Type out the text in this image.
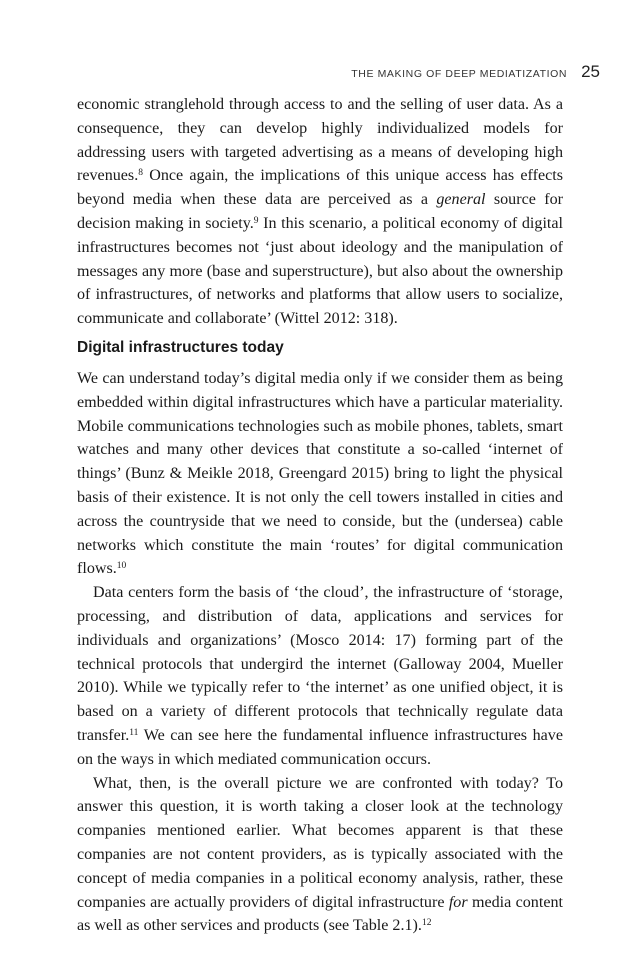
THE MAKING OF DEEP MEDIATIZATION 25

economic stranglehold through access to and the selling of user data. As a consequence, they can develop highly individualized models for addressing users with targeted advertising as a means of developing high revenues.$^8$ Once again, the implications of this unique access has effects beyond media when these data are perceived as a general source for decision making in society.$^9$ In this scenario, a political economy of digital infrastructures becomes not ‘just about ideology and the manipulation of messages any more (base and superstructure), but also about the ownership of infrastructures, of networks and platforms that allow users to socialize, communicate and collaborate’ (Wittel 2012: 318).

Digital infrastructures today

We can understand today’s digital media only if we consider them as being embedded within digital infrastructures which have a particular materiality. Mobile communications technologies such as mobile phones, tablets, smart watches and many other devices that constitute a so-called ‘internet of things’ (Bunz & Meikle 2018, Greengard 2015) bring to light the physical basis of their existence. It is not only the cell towers installed in cities and across the countryside that we need to conside, but the (undersea) cable networks which constitute the main ‘routes’ for digital communication flows.$^{10}$

Data centers form the basis of ‘the cloud’, the infrastructure of ‘storage, processing, and distribution of data, applications and services for individuals and organizations’ (Mosco 2014: 17) forming part of the technical protocols that undergird the internet (Galloway 2004, Mueller 2010). While we typically refer to ‘the internet’ as one unified object, it is based on a variety of different protocols that technically regulate data transfer.$^{11}$ We can see here the fundamental influence infrastructures have on the ways in which mediated communication occurs.

What, then, is the overall picture we are confronted with today? To answer this question, it is worth taking a closer look at the technology companies mentioned earlier. What becomes apparent is that these companies are not content providers, as is typically associated with the concept of media companies in a political economy analysis, rather, these companies are actually providers of digital infrastructure for media content as well as other services and products (see Table 2.1).$^{12}$
